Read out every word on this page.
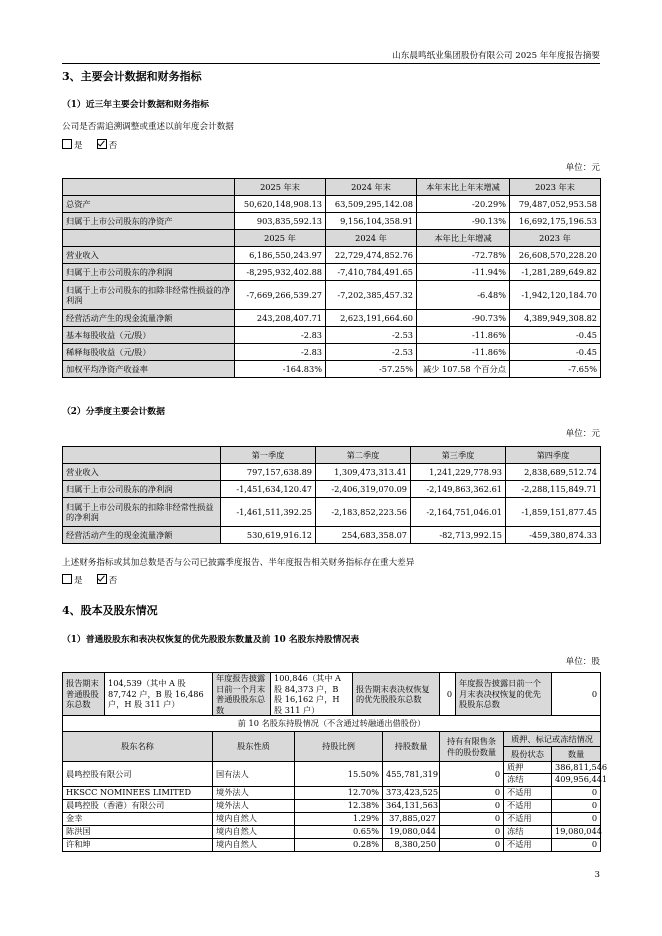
山东晨鸣纸业集团股份有限公司 2025 年年度报告摘要
3、主要会计数据和财务指标
（1）近三年主要会计数据和财务指标
公司是否需追溯调整或重述以前年度会计数据
是	否
单位：元
	2025 年末	2024 年末	本年末比上年末增减	2023 年末
总资产	50,620,148,908.13	63,509,295,142.08	-20.29%	79,487,052,953.58
归属于上市公司股东的净资产	903,835,592.13	9,156,104,358.91	-90.13%	16,692,175,196.53
	2025 年	2024 年	本年比上年增减	2023 年
营业收入	6,186,550,243.97	22,729,474,852.76	-72.78%	26,608,570,228.20
归属于上市公司股东的净利润	-8,295,932,402.88	-7,410,784,491.65	-11.94%	-1,281,289,649.82
归属于上市公司股东的扣除非经常性损益的净利润	-7,669,266,539.27	-7,202,385,457.32	-6.48%	-1,942,120,184.70
经营活动产生的现金流量净额	243,208,407.71	2,623,191,664.60	-90.73%	4,389,949,308.82
基本每股收益（元/股）	-2.83	-2.53	-11.86%	-0.45
稀释每股收益（元/股）	-2.83	-2.53	-11.86%	-0.45
加权平均净资产收益率	-164.83%	-57.25%	减少 107.58 个百分点	-7.65%
（2）分季度主要会计数据
单位：元
	第一季度	第二季度	第三季度	第四季度
营业收入	797,157,638.89	1,309,473,313.41	1,241,229,778.93	2,838,689,512.74
归属于上市公司股东的净利润	-1,451,634,120.47	-2,406,319,070.09	-2,149,863,362.61	-2,288,115,849.71
归属于上市公司股东的扣除非经常性损益的净利润	-1,461,511,392.25	-2,183,852,223.56	-2,164,751,046.01	-1,859,151,877.45
经营活动产生的现金流量净额	530,619,916.12	254,683,358.07	-82,713,992.15	-459,380,874.33
上述财务指标或其加总数是否与公司已披露季度报告、半年度报告相关财务指标存在重大差异
是	否
4、股本及股东情况
（1）普通股股东和表决权恢复的优先股股东数量及前 10 名股东持股情况表
单位：股
报告期末普通股股东总数	104,539（其中 A 股 87,742 户，B 股 16,486 户，H 股 311 户）	年度报告披露日前一个月末普通股股东总数	100,846（其中 A 股 84,373 户，B 股 16,162 户，H 股 311 户）		报告期末表决权恢复的优先股股东总数		0	年度报告披露日前一个月末表决权恢复的优先股股东总数		0
前 10 名股东持股情况（不含通过转融通出借股份）										
股东名称		股东性质		持股比例		持股数量	持有有限售条件的股份数量		质押、标记或冻结情况	
									股份状态	数量
晨鸣控股有限公司		国有法人		15.50%		455,781,319	0		质押	386,811,546
									冻结	409,956,441
HKSCC NOMINEES LIMITED		境外法人		12.70%		373,423,525	0		不适用	0
晨鸣控股（香港）有限公司		境外法人		12.38%		364,131,563	0		不适用	0
金幸		境内自然人		1.29%		37,885,027	0		不适用	0
陈洪国		境内自然人		0.65%		19,080,044	0		冻结	19,080,044
许和坤		境内自然人		0.28%		8,380,250	0		不适用	0
3
